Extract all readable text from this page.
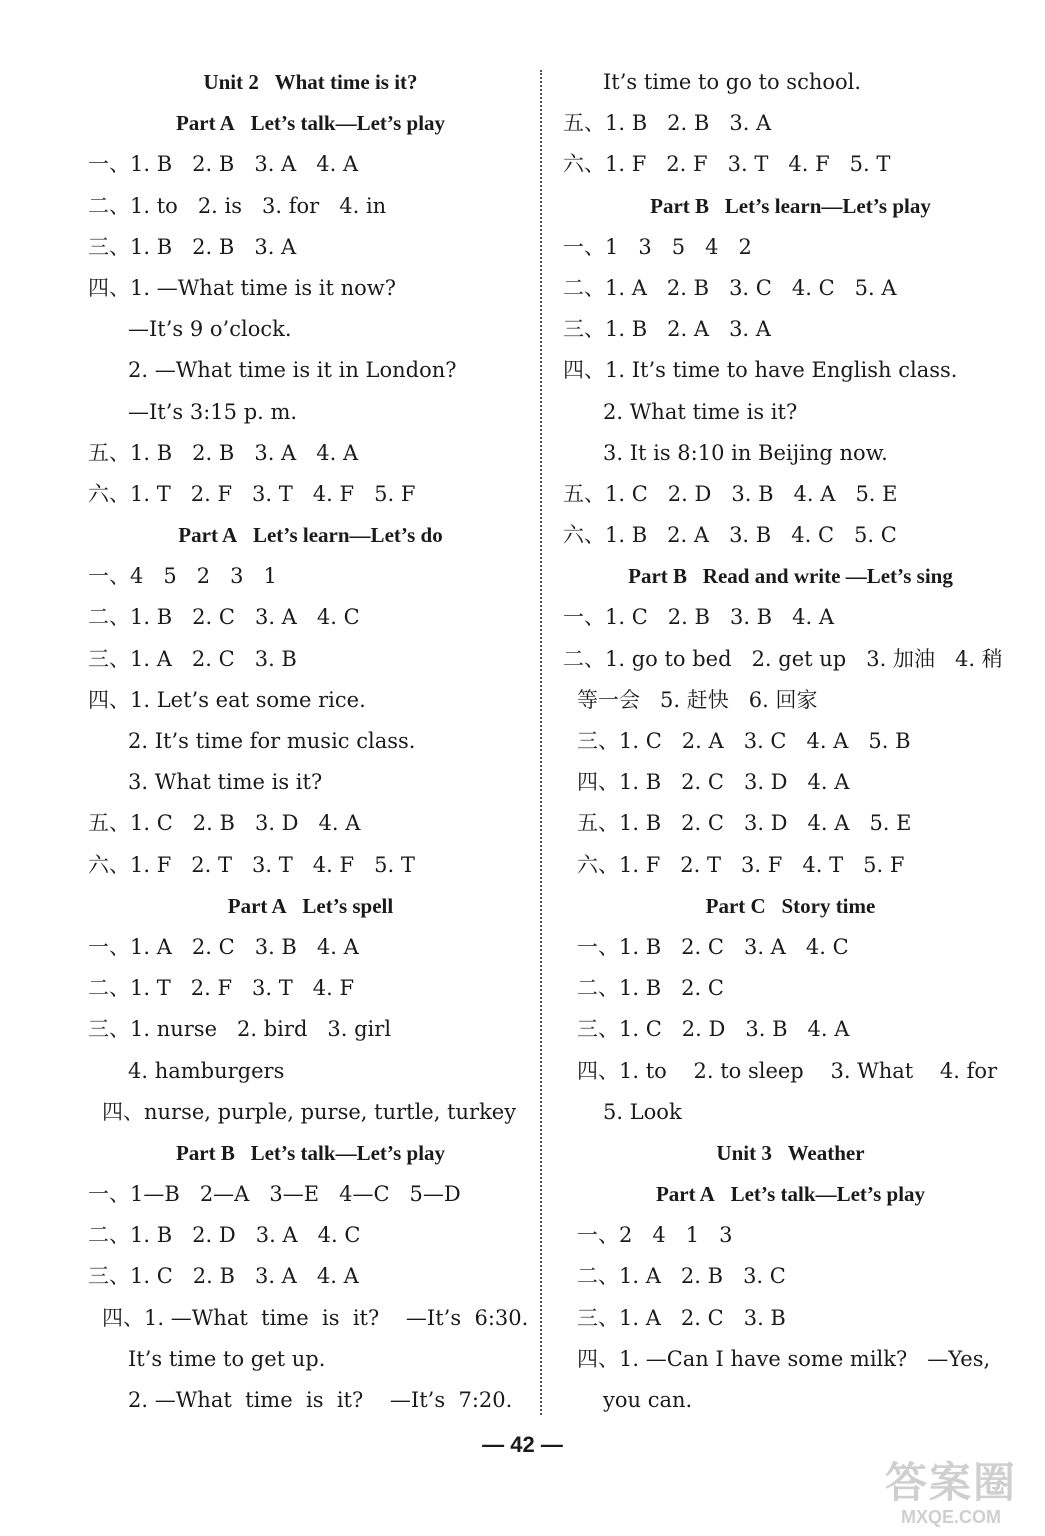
Unit 2   What time is it?
Part A   Let’s talk—Let’s play
一、1. B   2. B   3. A   4. A
二、1. to   2. is   3. for   4. in
三、1. B   2. B   3. A
四、1. —What time is it now?
—It’s 9 o’clock.
2. —What time is it in London?
—It’s 3:15 p. m.
五、1. B   2. B   3. A   4. A
六、1. T   2. F   3. T   4. F   5. F
Part A   Let’s learn—Let’s do
一、4   5   2   3   1
二、1. B   2. C   3. A   4. C
三、1. A   2. C   3. B
四、1. Let’s eat some rice.
2. It’s time for music class.
3. What time is it?
五、1. C   2. B   3. D   4. A
六、1. F   2. T   3. T   4. F   5. T
Part A   Let’s spell
一、1. A   2. C   3. B   4. A
二、1. T   2. F   3. T   4. F
三、1. nurse   2. bird   3. girl
4. hamburgers
四、nurse, purple, purse, turtle, turkey
Part B   Let’s talk—Let’s play
一、1—B   2—A   3—E   4—C   5—D
二、1. B   2. D   3. A   4. C
三、1. C   2. B   3. A   4. A
四、1. —What  time  is  it?    —It’s  6:30.
It’s time to get up.
2. —What  time  is  it?    —It’s  7:20.
It’s time to go to school.
五、1. B   2. B   3. A
六、1. F   2. F   3. T   4. F   5. T
Part B   Let’s learn—Let’s play
一、1   3   5   4   2
二、1. A   2. B   3. C   4. C   5. A
三、1. B   2. A   3. A
四、1. It’s time to have English class.
2. What time is it?
3. It is 8:10 in Beijing now.
五、1. C   2. D   3. B   4. A   5. E
六、1. B   2. A   3. B   4. C   5. C
Part B   Read and write —Let’s sing
一、1. C   2. B   3. B   4. A
二、1. go to bed   2. get up   3. 加油   4. 稍
等一会   5. 赶快   6. 回家
三、1. C   2. A   3. C   4. A   5. B
四、1. B   2. C   3. D   4. A
五、1. B   2. C   3. D   4. A   5. E
六、1. F   2. T   3. F   4. T   5. F
Part C   Story time
一、1. B   2. C   3. A   4. C
二、1. B   2. C
三、1. C   2. D   3. B   4. A
四、1. to    2. to sleep    3. What    4. for
5. Look
Unit 3   Weather
Part A   Let’s talk—Let’s play
一、2   4   1   3
二、1. A   2. B   3. C
三、1. A   2. C   3. B
四、1. —Can I have some milk?   —Yes,
you can.
— 42 —
答案圈
MXQE.COM
